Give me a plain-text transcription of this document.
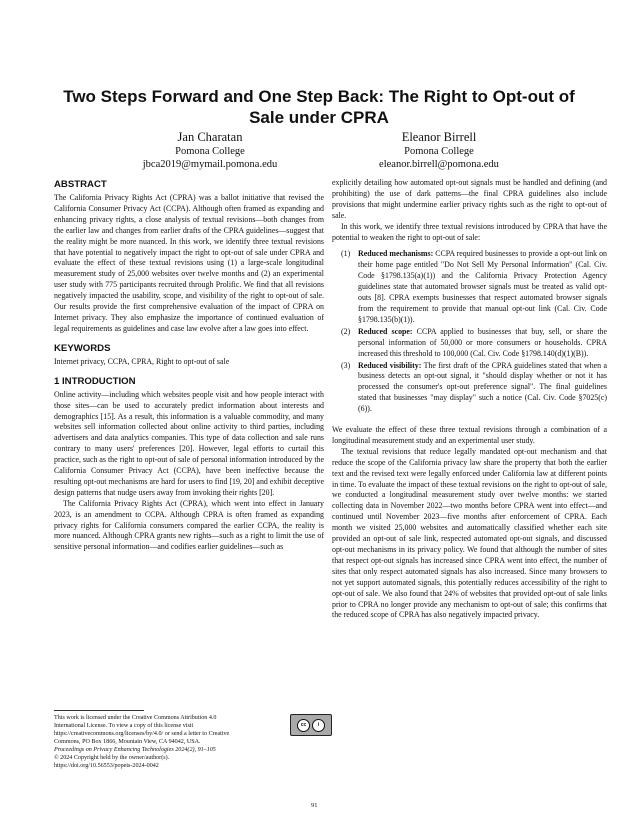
Two Steps Forward and One Step Back: The Right to Opt-out of Sale under CPRA
Jan Charatan
Pomona College
jbca2019@mymail.pomona.edu
Eleanor Birrell
Pomona College
eleanor.birrell@pomona.edu
ABSTRACT

The California Privacy Rights Act (CPRA) was a ballot initiative that revised the California Consumer Privacy Act (CCPA). Although often framed as expanding and enhancing privacy rights, a close analysis of textual revisions—both changes from the earlier law and changes from earlier drafts of the CPRA guidelines—suggest that the reality might be more nuanced. In this work, we identify three textual revisions that have potential to negatively impact the right to opt-out of sale under CPRA and evaluate the effect of these textual revisions using (1) a large-scale longitudinal measurement study of 25,000 websites over twelve months and (2) an experimental user study with 775 participants recruited through Prolific. We find that all revisions negatively impacted the usability, scope, and visibility of the right to opt-out of sale. Our results provide the first comprehensive evaluation of the impact of CPRA on Internet privacy. They also emphasize the importance of continued evaluation of legal requirements as guidelines and case law evolve after a law goes into effect.

KEYWORDS

Internet privacy, CCPA, CPRA, Right to opt-out of sale

1 INTRODUCTION

Online activity—including which websites people visit and how people interact with those sites—can be used to accurately predict information about interests and demographics [15]. As a result, this information is a valuable commodity, and many websites sell information collected about online activity to third parties, including advertisers and data analytics companies. This type of data collection and sale runs contrary to many users' preferences [20]. However, legal efforts to curtail this practice, such as the right to opt-out of sale of personal information introduced by the California Consumer Privacy Act (CCPA), have been ineffective because the resulting opt-out mechanisms are hard for users to find [19, 20] and exhibit deceptive design patterns that nudge users away from invoking their rights [20].

The California Privacy Rights Act (CPRA), which went into effect in January 2023, is an amendment to CCPA. Although CPRA is often framed as expanding privacy rights for California consumers compared the earlier CCPA, the reality is more nuanced. Although CPRA grants new rights—such as a right to limit the use of sensitive personal information—and codifies earlier guidelines—such as

explicitly detailing how automated opt-out signals must be handled and defining (and prohibiting) the use of dark patterns—the final CPRA guidelines also include provisions that might undermine earlier privacy rights such as the right to opt-out of sale.

In this work, we identify three textual revisions introduced by CPRA that have the potential to weaken the right to opt-out of sale:

(1) Reduced mechanisms: CCPA required businesses to provide a opt-out link on their home page entitled "Do Not Sell My Personal Information" (Cal. Civ. Code §1798.135(a)(1)) and the California Privacy Protection Agency guidelines state that automated browser signals must be treated as valid opt-outs [8]. CPRA exempts businesses that respect automated browser signals from the requirement to provide that manual opt-out link (Cal. Civ. Code §1798.135(b)(1)).
(2) Reduced scope: CCPA applied to businesses that buy, sell, or share the personal information of 50,000 or more consumers or households. CPRA increased this threshold to 100,000 (Cal. Civ. Code §1798.140(d)(1)(B)).
(3) Reduced visibility: The first draft of the CPRA guidelines stated that when a business detects an opt-out signal, it "should display whether or not it has processed the consumer's opt-out preference signal". The final guidelines stated that businesses "may display" such a notice (Cal. Civ. Code §7025(c)(6)).

We evaluate the effect of these three textual revisions through a combination of a longitudinal measurement study and an experimental user study.

The textual revisions that reduce legally mandated opt-out mechanism and that reduce the scope of the California privacy law share the property that both the earlier text and the revised text were legally enforced under California law at different points in time. To evaluate the impact of these textual revisions on the right to opt-out of sale, we conducted a longitudinal measurement study over twelve months: we started collecting data in November 2022—two months before CPRA went into effect—and continued until November 2023—five months after enforcement of CPRA. Each month we visited 25,000 websites and automatically classified whether each site provided an opt-out of sale link, respected automated opt-out signals, and discussed opt-out mechanisms in its privacy policy. We found that although the number of sites that respect opt-out signals has increased since CPRA went into effect, the number of sites that only respect automated signals has also increased. Since many browsers to not yet support automated signals, this potentially reduces accessibility of the right to opt-out of sale. We also found that 24% of websites that provided opt-out of sale links prior to CPRA no longer provide any mechanism to opt-out of sale; this confirms that the reduced scope of CPRA has also negatively impacted privacy.

This work is licensed under the Creative Commons Attribution 4.0 International License. To view a copy of this license visit https://creativecommons.org/licenses/by/4.0/ or send a letter to Creative Commons, PO Box 1866, Mountain View, CA 94042, USA.
cc	i
Proceedings on Privacy Enhancing Technologies 2024(2), 91–105
© 2024 Copyright held by the owner/author(s).
https://doi.org/10.56553/popets-2024-0042
91
